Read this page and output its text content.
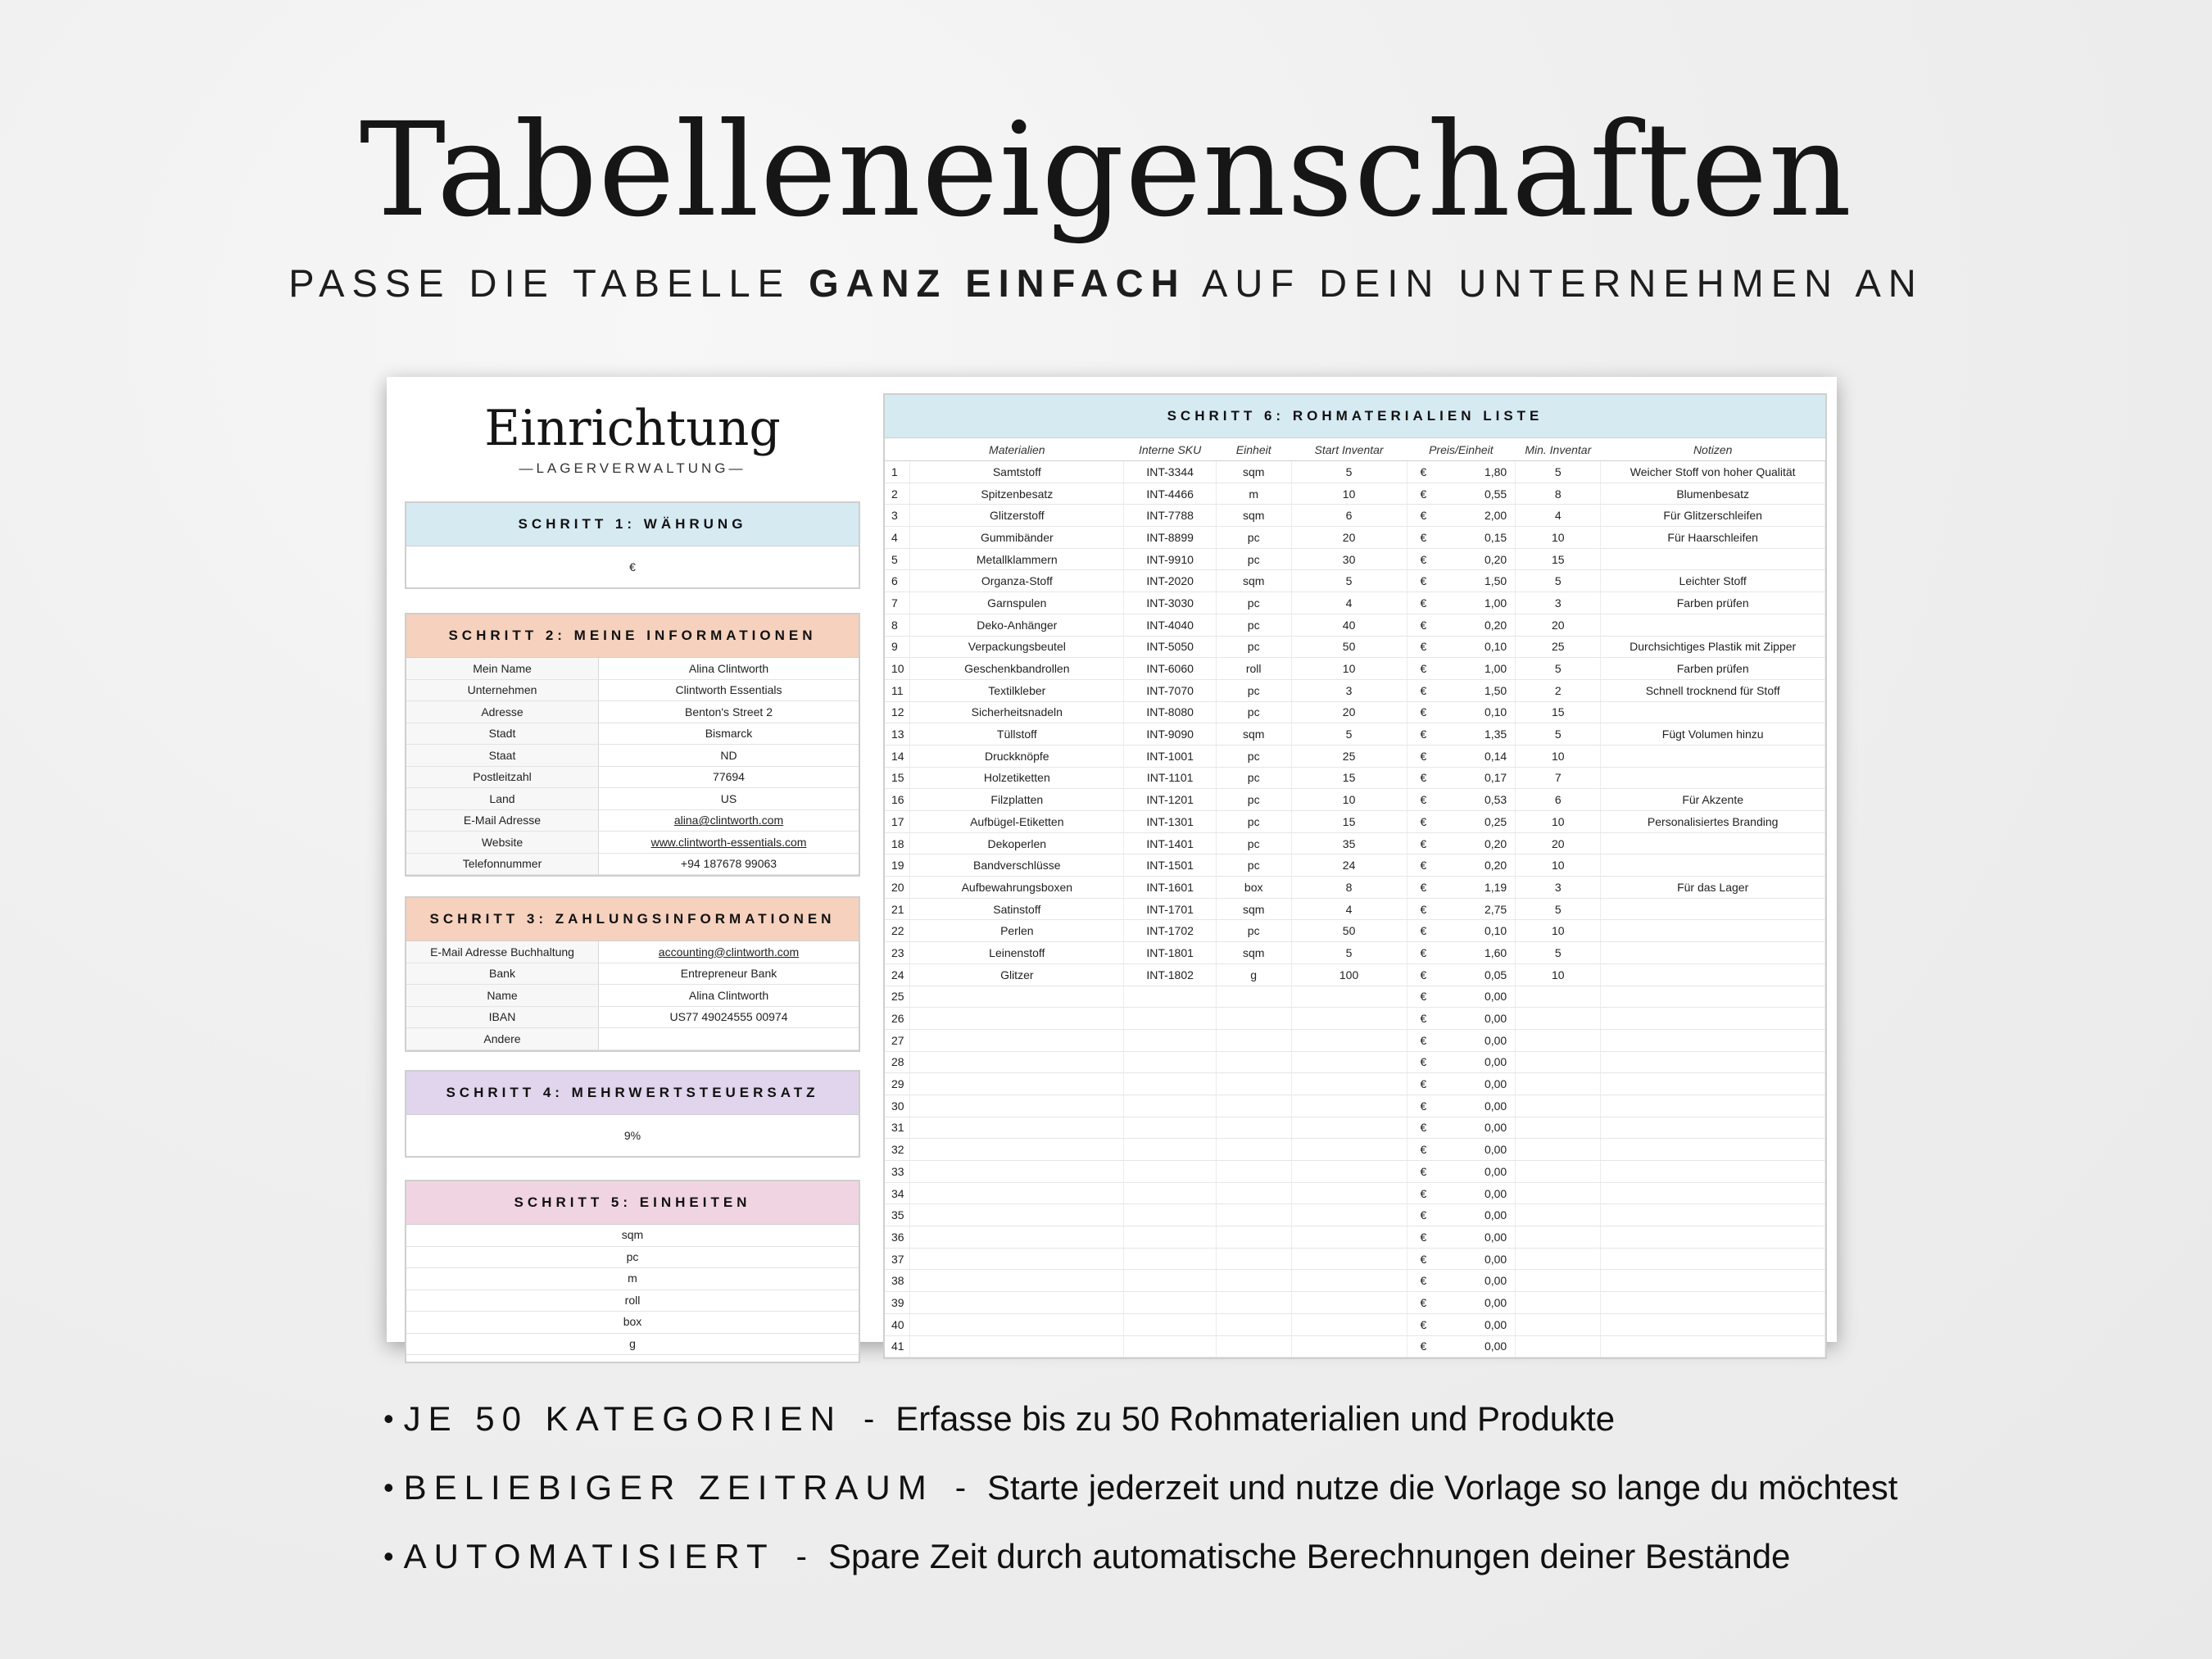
Tabelleneigenschaften
PASSE DIE TABELLE GANZ EINFACH AUF DEIN UNTERNEHMEN AN
Einrichtung
—LAGERVERWALTUNG—
SCHRITT 1: WÄHRUNG
€
SCHRITT 2: MEINE INFORMATIONEN
Mein Name	Alina Clintworth
Unternehmen	Clintworth Essentials
Adresse	Benton's Street 2
Stadt	Bismarck
Staat	ND
Postleitzahl	77694
Land	US
E-Mail Adresse	alina@clintworth.com
Website	www.clintworth-essentials.com
Telefonnummer	+94 187678 99063
SCHRITT 3: ZAHLUNGSINFORMATIONEN
E-Mail Adresse Buchhaltung	accounting@clintworth.com
Bank	Entrepreneur Bank
Name	Alina Clintworth
IBAN	US77 49024555 00974
Andere	
SCHRITT 4: MEHRWERTSTEUERSATZ
9%
SCHRITT 5: EINHEITEN
sqm
pc
m
roll
box
g
SCHRITT 6: ROHMATERIALIEN LISTE
	Materialien	Interne SKU	Einheit	Start Inventar	Preis/Einheit		Min. Inventar	Notizen
1	Samtstoff	INT-3344	sqm	5	€	1,80	5	Weicher Stoff von hoher Qualität
2	Spitzenbesatz	INT-4466	m	10	€	0,55	8	Blumenbesatz
3	Glitzerstoff	INT-7788	sqm	6	€	2,00	4	Für Glitzerschleifen
4	Gummibänder	INT-8899	pc	20	€	0,15	10	Für Haarschleifen
5	Metallklammern	INT-9910	pc	30	€	0,20	15	
6	Organza-Stoff	INT-2020	sqm	5	€	1,50	5	Leichter Stoff
7	Garnspulen	INT-3030	pc	4	€	1,00	3	Farben prüfen
8	Deko-Anhänger	INT-4040	pc	40	€	0,20	20	
9	Verpackungsbeutel	INT-5050	pc	50	€	0,10	25	Durchsichtiges Plastik mit Zipper
10	Geschenkbandrollen	INT-6060	roll	10	€	1,00	5	Farben prüfen
11	Textilkleber	INT-7070	pc	3	€	1,50	2	Schnell trocknend für Stoff
12	Sicherheitsnadeln	INT-8080	pc	20	€	0,10	15	
13	Tüllstoff	INT-9090	sqm	5	€	1,35	5	Fügt Volumen hinzu
14	Druckknöpfe	INT-1001	pc	25	€	0,14	10	
15	Holzetiketten	INT-1101	pc	15	€	0,17	7	
16	Filzplatten	INT-1201	pc	10	€	0,53	6	Für Akzente
17	Aufbügel-Etiketten	INT-1301	pc	15	€	0,25	10	Personalisiertes Branding
18	Dekoperlen	INT-1401	pc	35	€	0,20	20	
19	Bandverschlüsse	INT-1501	pc	24	€	0,20	10	
20	Aufbewahrungsboxen	INT-1601	box	8	€	1,19	3	Für das Lager
21	Satinstoff	INT-1701	sqm	4	€	2,75	5	
22	Perlen	INT-1702	pc	50	€	0,10	10	
23	Leinenstoff	INT-1801	sqm	5	€	1,60	5	
24	Glitzer	INT-1802	g	100	€	0,05	10	
25					€	0,00		
26					€	0,00		
27					€	0,00		
28					€	0,00		
29					€	0,00		
30					€	0,00		
31					€	0,00		
32					€	0,00		
33					€	0,00		
34					€	0,00		
35					€	0,00		
36					€	0,00		
37					€	0,00		
38					€	0,00		
39					€	0,00		
40					€	0,00		
41					€	0,00		
• JE 50 KATEGORIEN - Erfasse bis zu 50 Rohmaterialien und Produkte
• BELIEBIGER ZEITRAUM - Starte jederzeit und nutze die Vorlage so lange du möchtest
• AUTOMATISIERT - Spare Zeit durch automatische Berechnungen deiner Bestände
